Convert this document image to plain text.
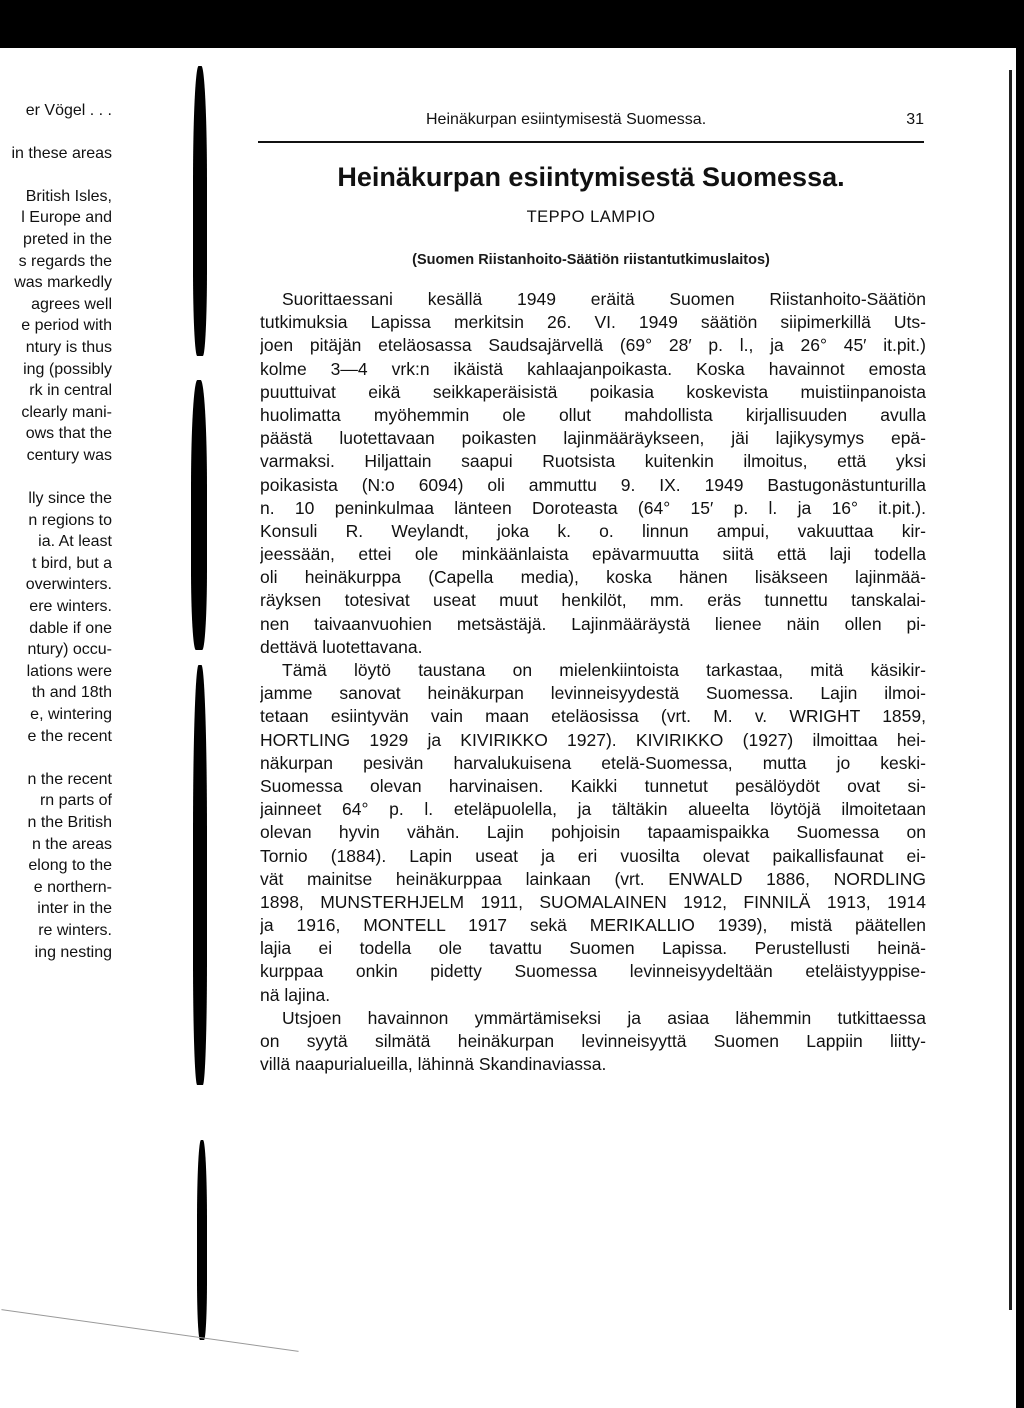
er Vögel . . .
in these areas
British Isles,
l Europe and
preted in the
s regards the
was markedly
agrees well
e period with
ntury is thus
ing (possibly
rk in central
clearly mani-
ows that the
century was
lly since the
n regions to
ia. At least
t bird, but a
overwinters.
ere winters.
dable if one
ntury) occu-
lations were
th and 18th
e, wintering
e the recent
n the recent
rn parts of
n the British
n the areas
elong to the
e northern-
inter in the
re winters.
ing nesting
Heinäkurpan esiintymisestä Suomessa.	31
Heinäkurpan esiintymisestä Suomessa.
TEPPO LAMPIO
(Suomen Riistanhoito-Säätiön riistantutkimuslaitos)
Suorittaessani kesällä 1949 eräitä Suomen Riistanhoito-Säätiön
tutkimuksia Lapissa merkitsin 26. VI. 1949 säätiön siipimerkillä Uts-
joen pitäjän eteläosassa Saudsajärvellä (69° 28′ p. l., ja 26° 45′ it.pit.)
kolme 3—4 vrk:n ikäistä kahlaajanpoikasta. Koska havainnot emosta
puuttuivat eikä seikkaperäisistä poikasia koskevista muistiinpanoista
huolimatta myöhemmin ole ollut mahdollista kirjallisuuden avulla
päästä luotettavaan poikasten lajinmääräykseen, jäi lajikysymys epä-
varmaksi. Hiljattain saapui Ruotsista kuitenkin ilmoitus, että yksi
poikasista (N:o 6094) oli ammuttu 9. IX. 1949 Bastugonästunturilla
n. 10 peninkulmaa länteen Doroteasta (64° 15′ p. l. ja 16° it.pit.).
Konsuli R. Weylandt, joka k. o. linnun ampui, vakuuttaa kir-
jeessään, ettei ole minkäänlaista epävarmuutta siitä että laji todella
oli heinäkurppa (Capella media), koska hänen lisäkseen lajinmää-
räyksen totesivat useat muut henkilöt, mm. eräs tunnettu tanskalai-
nen taivaanvuohien metsästäjä. Lajinmääräystä lienee näin ollen pi-
dettävä luotettavana.
Tämä löytö taustana on mielenkiintoista tarkastaa, mitä käsikir-
jamme sanovat heinäkurpan levinneisyydestä Suomessa. Lajin ilmoi-
tetaan esiintyvän vain maan eteläosissa (vrt. M. v. WRIGHT 1859,
HORTLING 1929 ja KIVIRIKKO 1927). KIVIRIKKO (1927) ilmoittaa hei-
näkurpan pesivän harvalukuisena etelä-Suomessa, mutta jo keski-
Suomessa olevan harvinaisen. Kaikki tunnetut pesälöydöt ovat si-
jainneet 64° p. l. eteläpuolella, ja tältäkin alueelta löytöjä ilmoitetaan
olevan hyvin vähän. Lajin pohjoisin tapaamispaikka Suomessa on
Tornio (1884). Lapin useat ja eri vuosilta olevat paikallisfaunat ei-
vät mainitse heinäkurppaa lainkaan (vrt. ENWALD 1886, NORDLING
1898, MUNSTERHJELM 1911, SUOMALAINEN 1912, FINNILÄ 1913, 1914
ja 1916, MONTELL 1917 sekä MERIKALLIO 1939), mistä päätellen
lajia ei todella ole tavattu Suomen Lapissa. Perustellusti heinä-
kurppaa onkin pidetty Suomessa levinneisyydeltään eteläistyyppise-
nä lajina.
Utsjoen havainnon ymmärtämiseksi ja asiaa lähemmin tutkittaessa
on syytä silmätä heinäkurpan levinneisyyttä Suomen Lappiin liitty-
villä naapurialueilla, lähinnä Skandinaviassa.
